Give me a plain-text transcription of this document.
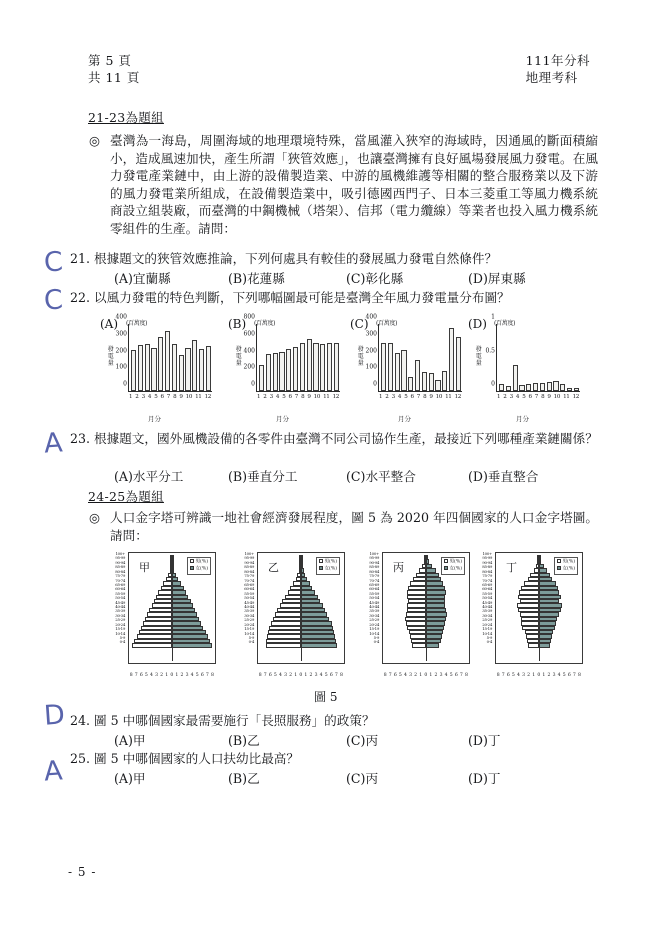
第 5 頁
共 11 頁
111年分科
地理考科
21-23為題組
◎ 臺灣為一海島，周圍海域的地理環境特殊，當風灌入狹窄的海域時，因通風的斷面積縮小，造成風速加快，產生所謂「狹管效應」，也讓臺灣擁有良好風場發展風力發電。在風力發電產業鏈中，由上游的設備製造業、中游的風機維護等相關的整合服務業以及下游的風力發電業所組成，在設備製造業中，吸引德國西門子、日本三菱重工等風力機系統商設立組裝廠，而臺灣的中鋼機械（塔架）、信邦（電力纜線）等業者也投入風力機系統零組件的生產。請問：
C 21. 根據題文的狹管效應推論，下列何處具有較佳的發展風力發電自然條件？
(A)宜蘭縣	(B)花蓮縣	(C)彰化縣	(D)屏東縣
C 22. 以風力發電的特色判斷，下列哪幅圖最可能是臺灣全年風力發電量分布圖？
(A) (百萬度)
發電量
月分
0
100
200
300
400
1 2 3 4 5 6 7 8 9 10 11 12
(B) (百萬度)
發電量
月分
0
200
400
600
800
1 2 3 4 5 6 7 8 9 10 11 12
(C) (百萬度)
發電量
月分
0
100
200
300
400
1 2 3 4 5 6 7 8 9 10 11 12
(D) (百萬度)
發電量
月分
0
0.5
1
1 2 3 4 5 6 7 8 9 10 11 12
A 23. 根據題文，國外風機設備的各零件由臺灣不同公司協作生產，最接近下列哪種產業鏈關係？
(A)水平分工	(B)垂直分工	(C)水平整合	(D)垂直整合
24-25為題組
◎ 人口金字塔可辨識一地社會經濟發展程度，圖 5 為 2020 年四個國家的人口金字塔圖。請問：
100+
95-99
90-94
85-89
80-84
75-79
70-74
65-69
60-64
55-59
50-54
45-49
40-44
35-39
30-34
25-29
20-24
15-19
10-14
5-9
0-4
甲	男(%)
女(%)
8 7 6 5 4 3 2 1 0 1 2 3 4 5 6 7 8
100+
95-99
90-94
85-89
80-84
75-79
70-74
65-69
60-64
55-59
50-54
45-49
40-44
35-39
30-34
25-29
20-24
15-19
10-14
5-9
0-4
乙	男(%)
女(%)
8 7 6 5 4 3 2 1 0 1 2 3 4 5 6 7 8
100+
95-99
90-94
85-89
80-84
75-79
70-74
65-69
60-64
55-59
50-54
45-49
40-44
35-39
30-34
25-29
20-24
15-19
10-14
5-9
0-4
丙	男(%)
女(%)
8 7 6 5 4 3 2 1 0 1 2 3 4 5 6 7 8
100+
95-99
90-94
85-89
80-84
75-79
70-74
65-69
60-64
55-59
50-54
45-49
40-44
35-39
30-34
25-29
20-24
15-19
10-14
5-9
0-4
丁	男(%)
女(%)
8 7 6 5 4 3 2 1 0 1 2 3 4 5 6 7 8
圖 5
D 24. 圖 5 中哪個國家最需要施行「長照服務」的政策？
(A)甲	(B)乙	(C)丙	(D)丁
A 25. 圖 5 中哪個國家的人口扶幼比最高？
(A)甲	(B)乙	(C)丙	(D)丁
- 5 -
